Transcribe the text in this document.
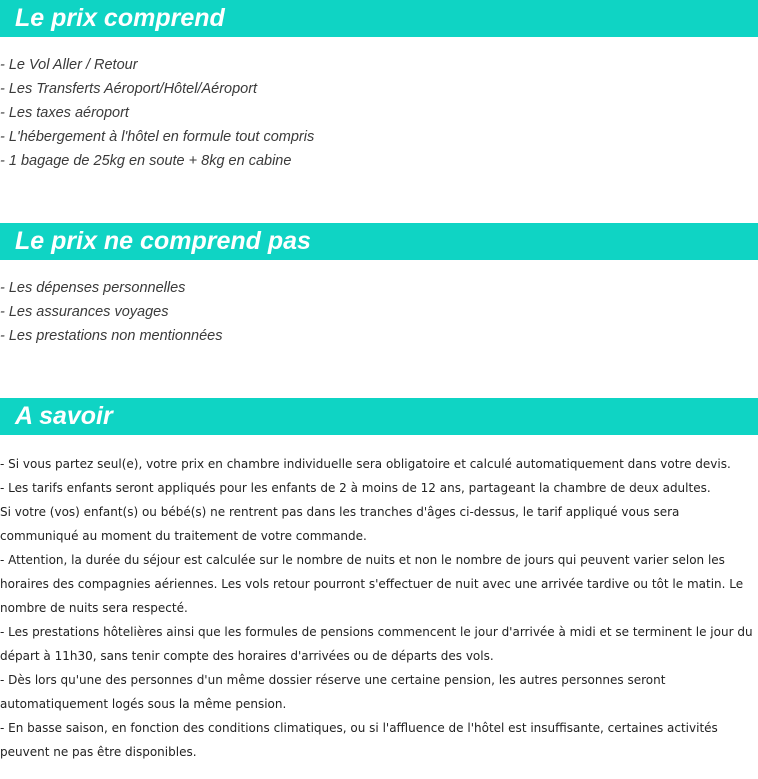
Le prix comprend
- Le Vol Aller / Retour
- Les Transferts Aéroport/Hôtel/Aéroport
- Les taxes aéroport
- L'hébergement à l'hôtel en formule tout compris
- 1 bagage de 25kg en soute + 8kg en cabine
Le prix ne comprend pas
- Les dépenses personnelles
- Les assurances voyages
- Les prestations non mentionnées
A savoir

- Si vous partez seul(e), votre prix en chambre individuelle sera obligatoire et calculé automatiquement dans votre devis.

- Les tarifs enfants seront appliqués pour les enfants de 2 à moins de 12 ans, partageant la chambre de deux adultes.

Si votre (vos) enfant(s) ou bébé(s) ne rentrent pas dans les tranches d'âges ci-dessus, le tarif appliqué vous sera communiqué au moment du traitement de votre commande.

- Attention, la durée du séjour est calculée sur le nombre de nuits et non le nombre de jours qui peuvent varier selon les horaires des compagnies aériennes. Les vols retour pourront s'effectuer de nuit avec une arrivée tardive ou tôt le matin. Le nombre de nuits sera respecté.

- Les prestations hôtelières ainsi que les formules de pensions commencent le jour d'arrivée à midi et se terminent le jour du départ à 11h30, sans tenir compte des horaires d'arrivées ou de départs des vols.

- Dès lors qu'une des personnes d'un même dossier réserve une certaine pension, les autres personnes seront automatiquement logés sous la même pension.

- En basse saison, en fonction des conditions climatiques, ou si l'affluence de l'hôtel est insuffisante, certaines activités peuvent ne pas être disponibles.
